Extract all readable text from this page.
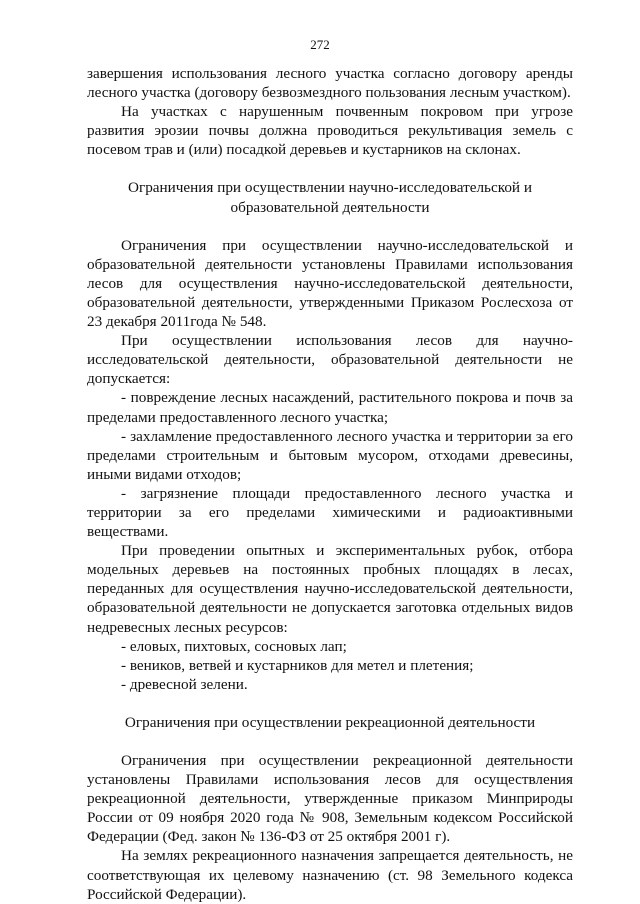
272

завершения использования лесного участка согласно договору аренды лесного участка (договору безвозмездного пользования лесным участком).

На участках с нарушенным почвенным покровом при угрозе развития эрозии почвы должна проводиться рекультивация земель с посевом трав и (или) посадкой деревьев и кустарников на склонах.

Ограничения при осуществлении научно-исследовательской и
образовательной деятельности

Ограничения при осуществлении научно-исследовательской и образовательной деятельности установлены Правилами использования лесов для осуществления научно-исследовательской деятельности, образовательной деятельности, утвержденными Приказом Рослесхоза от 23 декабря 2011года № 548.

При осуществлении использования лесов для научно-исследовательской деятельности, образовательной деятельности не допускается:

- повреждение лесных насаждений, растительного покрова и почв за пределами предоставленного лесного участка;

- захламление предоставленного лесного участка и территории за его пределами строительным и бытовым мусором, отходами древесины, иными видами отходов;

- загрязнение площади предоставленного лесного участка и территории за его пределами химическими и радиоактивными веществами.

При проведении опытных и экспериментальных рубок, отбора модельных деревьев на постоянных пробных площадях в лесах, переданных для осуществления научно-исследовательской деятельности, образовательной деятельности не допускается заготовка отдельных видов недревесных лесных ресурсов:

- еловых, пихтовых, сосновых лап;

- веников, ветвей и кустарников для метел и плетения;

- древесной зелени.

Ограничения при осуществлении рекреационной деятельности

Ограничения при осуществлении рекреационной деятельности установлены Правилами использования лесов для осуществления рекреационной деятельности, утвержденные приказом Минприроды России от 09 ноября 2020 года № 908, Земельным кодексом Российской Федерации (Фед. закон № 136-ФЗ от 25 октября 2001 г).

На землях рекреационного назначения запрещается деятельность, не соответствующая их целевому назначению (ст. 98 Земельного кодекса Российской Федерации).
